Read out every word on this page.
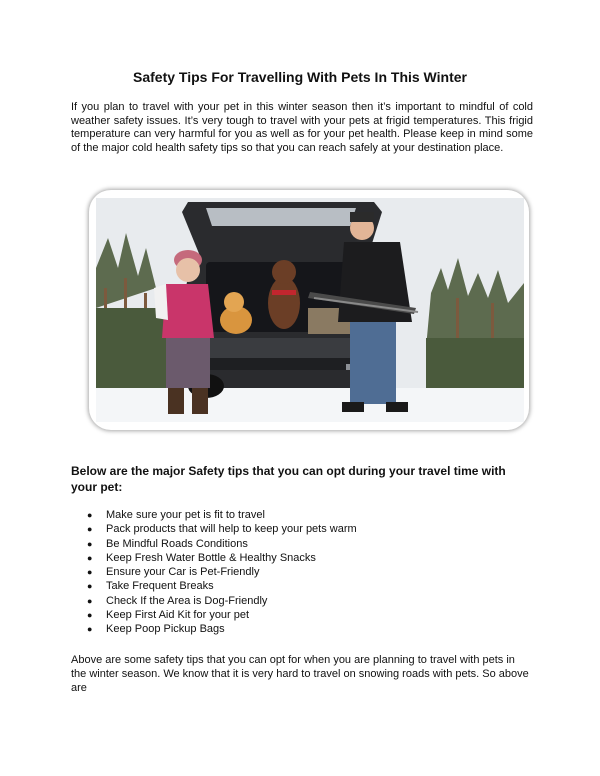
Safety Tips For Travelling With Pets In This Winter

If you plan to travel with your pet in this winter season then it’s important to mindful of cold weather safety issues. It’s very tough to travel with your pets at frigid temperatures. This frigid temperature can very harmful for you as well as for your pet health. Please keep in mind some of the major cold health safety tips so that you can reach safely at your destination place.

Below are the major Safety tips that you can opt during your travel time with your pet:
● Make sure your pet is fit to travel
● Pack products that will help to keep your pets warm
● Be Mindful Roads Conditions
● Keep Fresh Water Bottle & Healthy Snacks
● Ensure your Car is Pet-Friendly
● Take Frequent Breaks
● Check If the Area is Dog-Friendly
● Keep First Aid Kit for your pet
● Keep Poop Pickup Bags

Above are some safety tips that you can opt for when you are planning to travel with pets in the winter season. We know that it is very hard to travel on snowing roads with pets. So above are
